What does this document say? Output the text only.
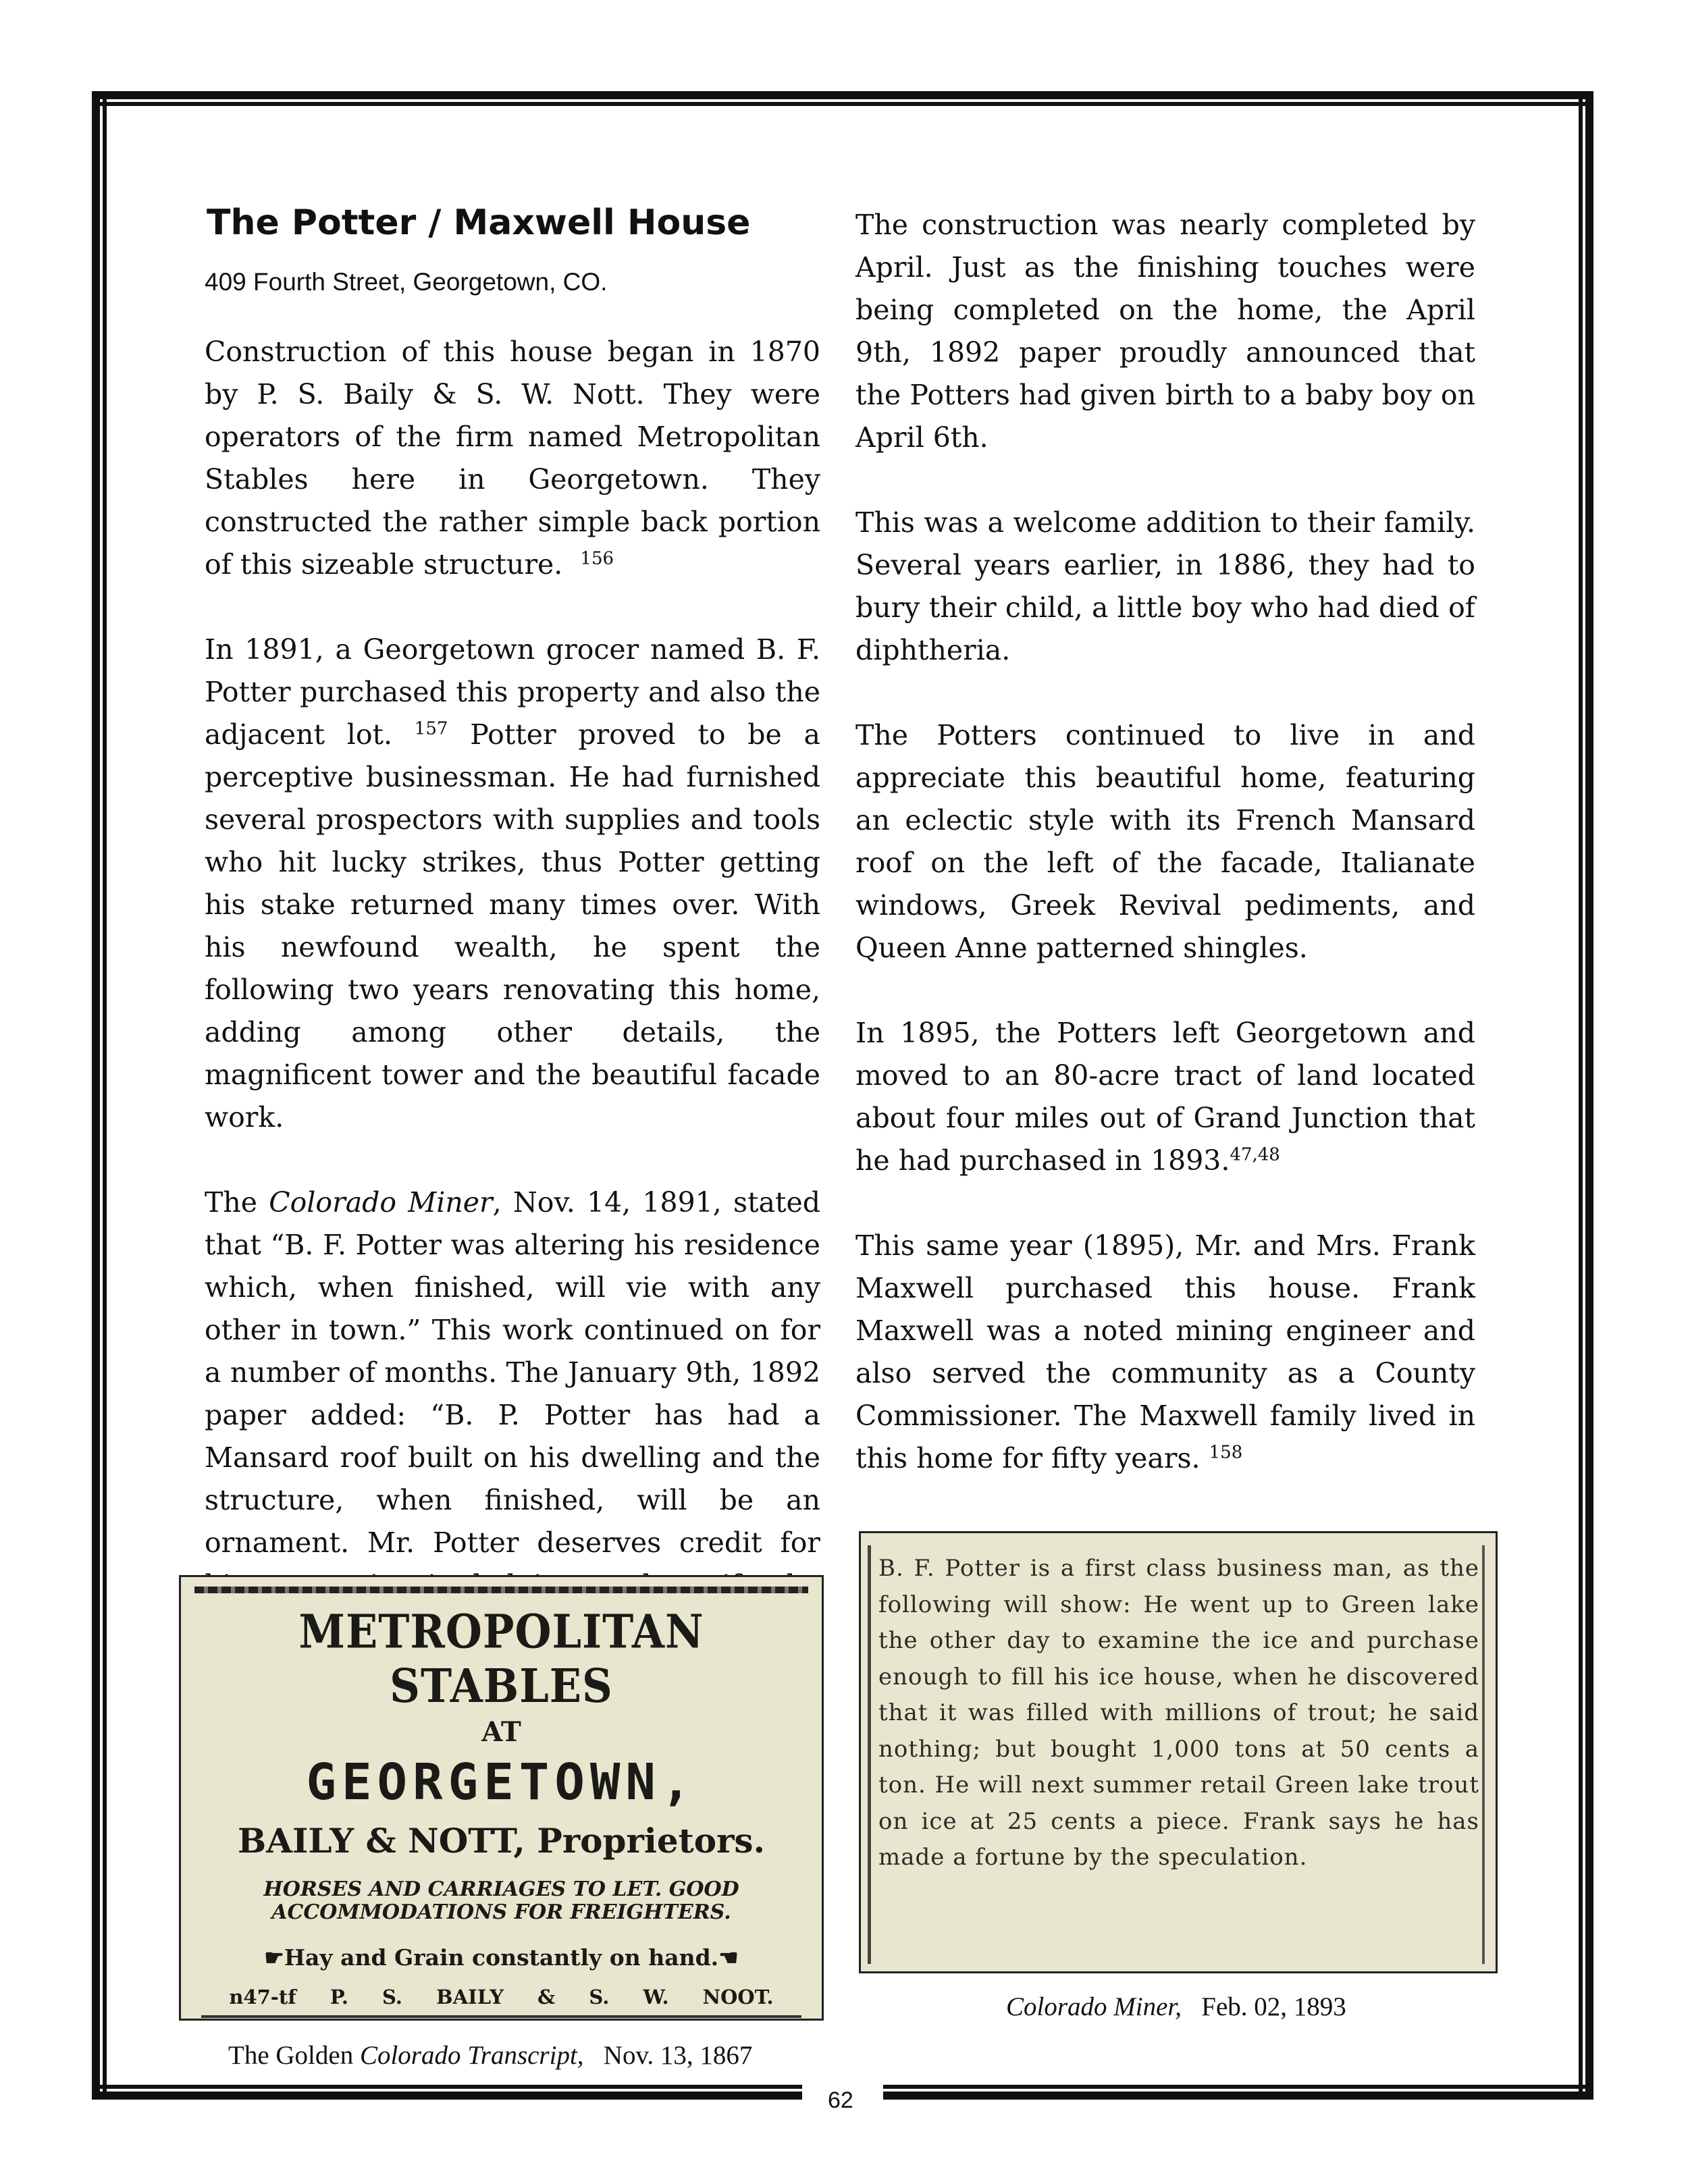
The Potter / Maxwell House
409 Fourth Street, Georgetown, CO.

Construction of this house began in 1870 by P. S. Baily & S. W. Nott. They were operators of the firm named Metropolitan Stables here in Georgetown. They constructed the rather simple back portion of this sizeable structure. $^{156}$

In 1891, a Georgetown grocer named B. F. Potter purchased this property and also the adjacent lot. $^{157}$ Potter proved to be a perceptive businessman. He had furnished several prospectors with supplies and tools who hit lucky strikes, thus Potter getting his stake returned many times over. With his newfound wealth, he spent the following two years renovating this home, adding among other details, the magnificent tower and the beautiful facade work.

The Colorado Miner, Nov. 14, 1891, stated that “B. F. Potter was altering his residence which, when finished, will vie with any other in town.” This work continued on for a number of months. The January 9th, 1892 paper added: “B. P. Potter has had a Mansard roof built on his dwelling and the structure, when finished, will be an ornament. Mr. Potter deserves credit for

The construction was nearly completed by April. Just as the finishing touches were being completed on the home, the April 9th, 1892 paper proudly announced that the Potters had given birth to a baby boy on April 6th.

This was a welcome addition to their family. Several years earlier, in 1886, they had to bury their child, a little boy who had died of diphtheria.

The Potters continued to live in and appreciate this beautiful home, featuring an eclectic style with its French Mansard roof on the left of the facade, Italianate windows, Greek Revival pediments, and Queen Anne patterned shingles.

In 1895, the Potters left Georgetown and moved to an 80-acre tract of land located about four miles out of Grand Junction that he had purchased in 1893.$^{47,48}$

This same year (1895), Mr. and Mrs. Frank Maxwell purchased this house. Frank Maxwell was a noted mining engineer and also served the community as a County Commissioner. The Maxwell family lived in this home for fifty years. $^{158}$

METROPOLITAN STABLES
AT
GEORGETOWN,
BAILY & NOTT, Proprietors.
HORSES AND CARRIAGES TO LET. GOOD ACCOMMODATIONS FOR FREIGHTERS.
☛Hay and Grain constantly on hand.☚
n47-tf P. S. BAILY & S. W. NOOT.
The Golden Colorado Transcript, Nov. 13, 1867
B. F. Potter is a first class business man, as the following will show: He went up to Green lake the other day to examine the ice and purchase enough to fill his ice house, when he discovered that it was filled with millions of trout; he said nothing; but bought 1,000 tons at 50 cents a ton. He will next summer retail Green lake trout on ice at 25 cents a piece. Frank says he has made a fortune by the speculation.
Colorado Miner, Feb. 02, 1893
62
